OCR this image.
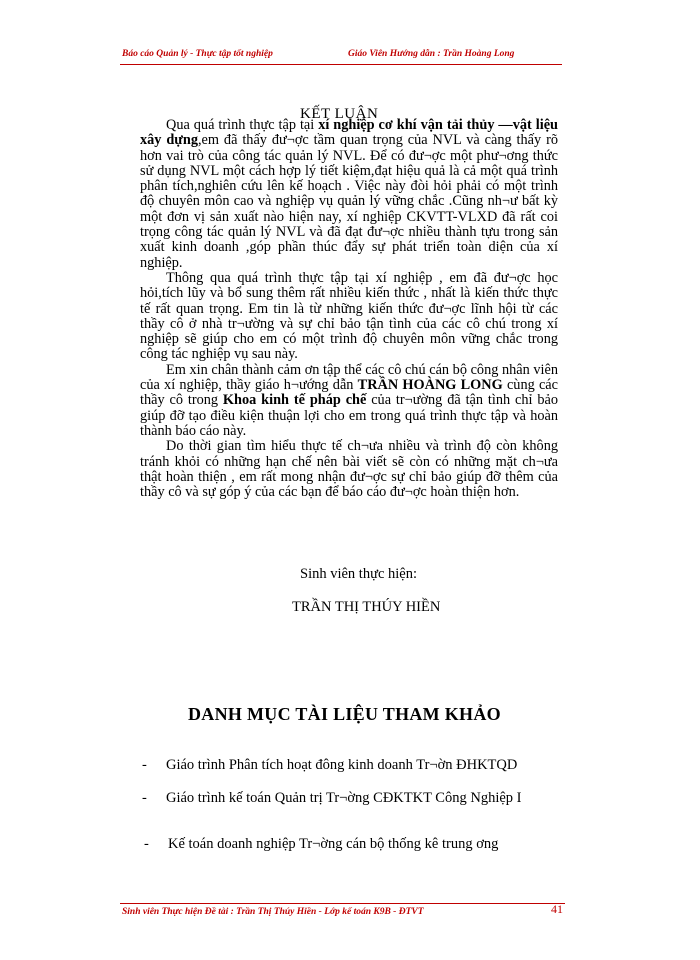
Báo cáo Quản lý - Thực tập tốt nghiệp	Giáo Viên Hướng dẫn : Trần Hoàng Long
KẾT LUẬN

Qua quá trình thực tập tại xí nghiệp cơ khí vận tải thủy —vật liệu xây dựng,em đã thấy đư¬ợc tầm quan trọng của NVL và càng thấy rõ hơn vai trò của công tác quản lý NVL. Để có đư¬ợc một phư¬ơng thức sử dụng NVL một cách hợp lý tiết kiệm,đạt hiệu quả là cả một quá trình phân tích,nghiên cứu lên kế hoạch . Việc này đòi hỏi phải có một trình độ chuyên môn cao và nghiệp vụ quản lý vững chắc .Cũng nh¬ư bất kỳ một đơn vị sản xuất nào hiện nay, xí nghiệp CKVTT-VLXD đã rất coi trọng công tác quản lý NVL và đã đạt đư¬ợc nhiều thành tựu trong sản xuất kinh doanh ,góp phần thúc đẩy sự phát triển toàn diện của xí nghiệp.

Thông qua quá trình thực tập tại xí nghiệp , em đã đư¬ợc học hỏi,tích lũy và bổ sung thêm rất nhiều kiến thức , nhất là kiến thức thực tế rất quan trọng. Em tin là từ những kiến thức đư¬ợc lĩnh hội từ các thầy cô ở nhà tr¬ường và sự chỉ bảo tận tình của các cô chú trong xí nghiệp sẽ giúp cho em có một trình độ chuyên môn vững chắc trong công tác nghiệp vụ sau này.

Em xin chân thành cảm ơn tập thể các cô chú cán bộ công nhân viên của xí nghiệp, thầy giáo h¬ướng dẫn TRẦN HOÀNG LONG cùng các thầy cô trong Khoa kinh tế pháp chế của tr¬ường đã tận tình chỉ bảo giúp đỡ tạo điều kiện thuận lợi cho em trong quá trình thực tập và hoàn thành báo cáo này.

Do thời gian tìm hiểu thực tế ch¬ưa nhiều và trình độ còn không tránh khỏi có những hạn chế nên bài viết sẽ còn có những mặt ch¬ưa thật hoàn thiện , em rất mong nhận đư¬ợc sự chỉ bảo giúp đỡ thêm của thầy cô và sự góp ý của các bạn để báo cáo đư¬ợc hoàn thiện hơn.

Sinh viên thực hiện:
TRẦN THỊ THÚY HIỀN
DANH MỤC TÀI LIỆU THAM KHẢO
- Giáo trình Phân tích hoạt đông kinh doanh Tr¬ờn ĐHKTQD
- Giáo trình kế toán Quản trị Tr¬ờng CĐKTKT Công Nghiệp I
- Kế toán doanh nghiệp Tr¬ờng cán bộ thống kê trung ơng
Sinh viên Thực hiện Đề tài : Trần Thị Thúy Hiền - Lớp kế toán K9B - ĐTVT	41
